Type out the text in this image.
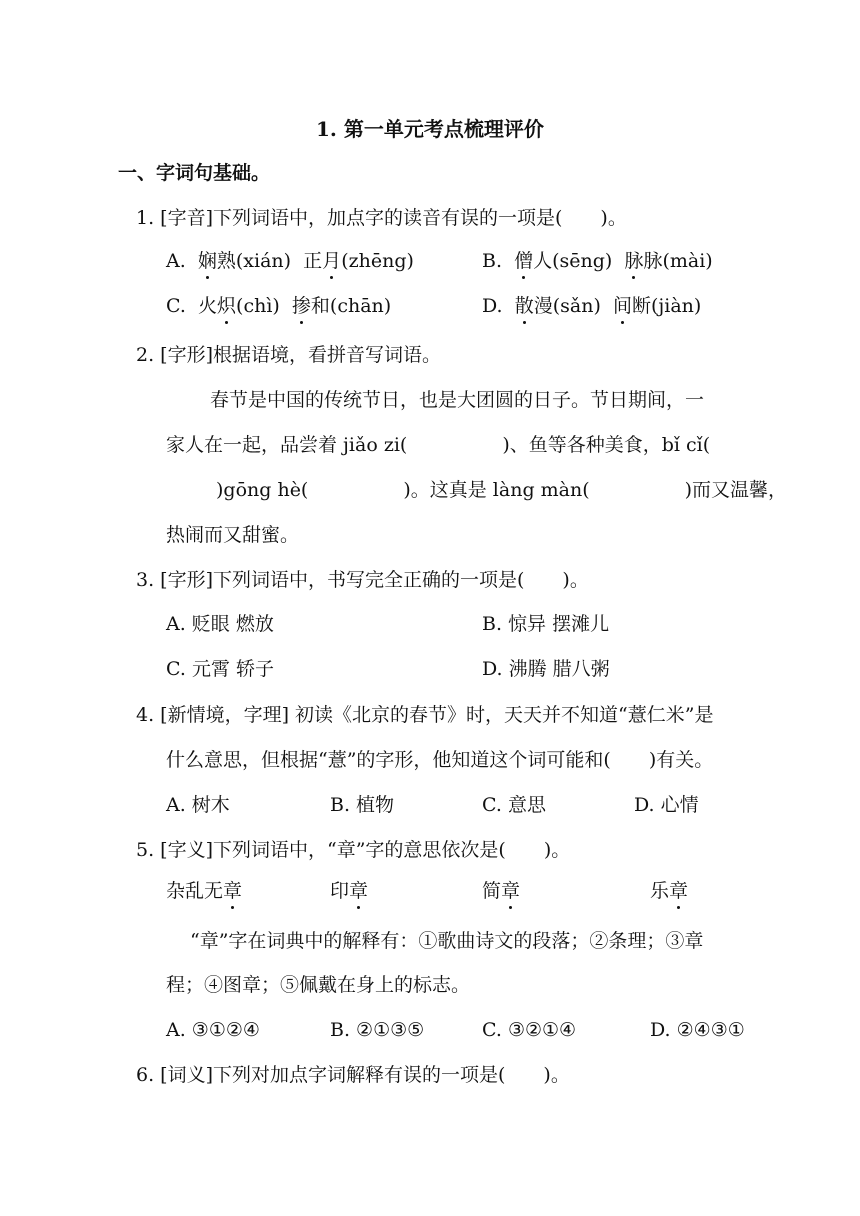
1. 第一单元考点梳理评价
一、字词句基础。
1. [字音]下列词语中，加点字的读音有误的一项是(　　)。
A. 娴熟(xián) 正月(zhēng)	B. 僧人(sēng) 脉脉(mài)
C. 火炽(chì) 掺和(chān)	D. 散漫(sǎn) 间断(jiàn)
2. [字形]根据语境，看拼音写词语。
春节是中国的传统节日，也是大团圆的日子。节日期间，一
家人在一起，品尝着 jiǎo zi(　　　　　)、鱼等各种美食，bǐ cǐ(
)gōng hè(　　　　　)。这真是 làng màn(　　　　　)而又温馨，
热闹而又甜蜜。
3. [字形]下列词语中，书写完全正确的一项是(　　)。
A. 贬眼 燃放	B. 惊异 摆滩儿
C. 元霄 轿子	D. 沸腾 腊八粥
4. [新情境，字理] 初读《北京的春节》时，天天并不知道“薏仁米”是
什么意思，但根据“薏”的字形，他知道这个词可能和(　　)有关。
A. 树木	B. 植物	C. 意思	D. 心情
5. [字义]下列词语中，“章”字的意思依次是(　　)。
杂乱无章	印章	简章	乐章
“章”字在词典中的解释有：①歌曲诗文的段落；②条理；③章
程；④图章；⑤佩戴在身上的标志。
A. ③①②④	B. ②①③⑤	C. ③②①④	D. ②④③①
6. [词义]下列对加点字词解释有误的一项是(　　)。
